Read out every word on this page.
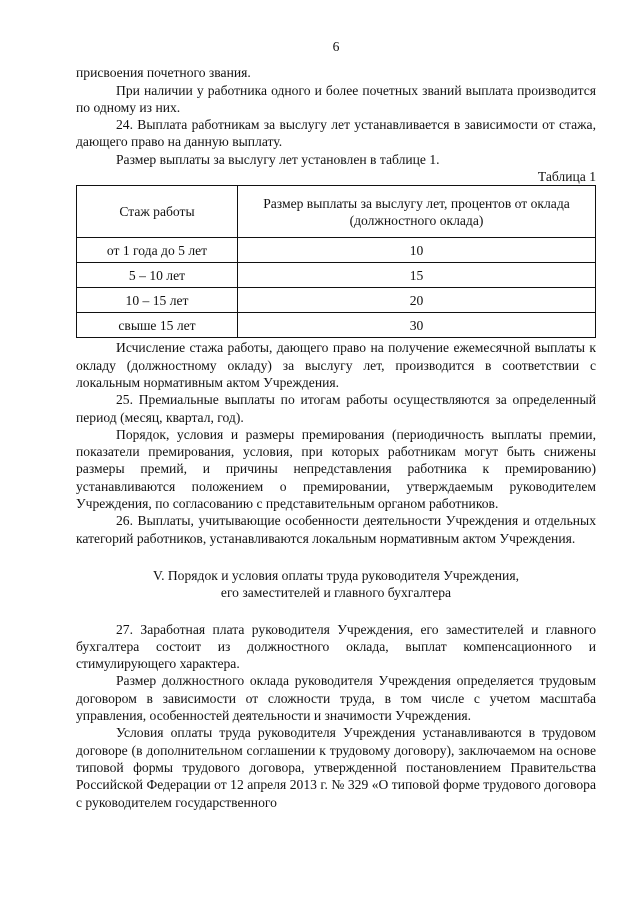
6

присвоения почетного звания.

При наличии у работника одного и более почетных званий выплата производится по одному из них.

24. Выплата работникам за выслугу лет устанавливается в зависимости от стажа, дающего право на данную выплату.

Размер выплаты за выслугу лет установлен в таблице 1.

Таблица 1

Стаж работы	Размер выплаты за выслугу лет, процентов от оклада (должностного оклада)
от 1 года до 5 лет	10
5 – 10 лет	15
10 – 15 лет	20
свыше 15 лет	30

Исчисление стажа работы, дающего право на получение ежемесячной выплаты к окладу (должностному окладу) за выслугу лет, производится в соответствии с локальным нормативным актом Учреждения.

25. Премиальные выплаты по итогам работы осуществляются за определенный период (месяц, квартал, год).

Порядок, условия и размеры премирования (периодичность выплаты премии, показатели премирования, условия, при которых работникам могут быть снижены размеры премий, и причины непредставления работника к премированию) устанавливаются положением о премировании, утверждаемым руководителем Учреждения, по согласованию с представительным органом работников.

26. Выплаты, учитывающие особенности деятельности Учреждения и отдельных категорий работников, устанавливаются локальным нормативным актом Учреждения.

V. Порядок и условия оплаты труда руководителя Учреждения,
его заместителей и главного бухгалтера

27. Заработная плата руководителя Учреждения, его заместителей и главного бухгалтера состоит из должностного оклада, выплат компенсационного и стимулирующего характера.

Размер должностного оклада руководителя Учреждения определяется трудовым договором в зависимости от сложности труда, в том числе с учетом масштаба управления, особенностей деятельности и значимости Учреждения.

Условия оплаты труда руководителя Учреждения устанавливаются в трудовом договоре (в дополнительном соглашении к трудовому договору), заключаемом на основе типовой формы трудового договора, утвержденной постановлением Правительства Российской Федерации от 12 апреля 2013 г. № 329 «О типовой форме трудового договора с руководителем государственного
